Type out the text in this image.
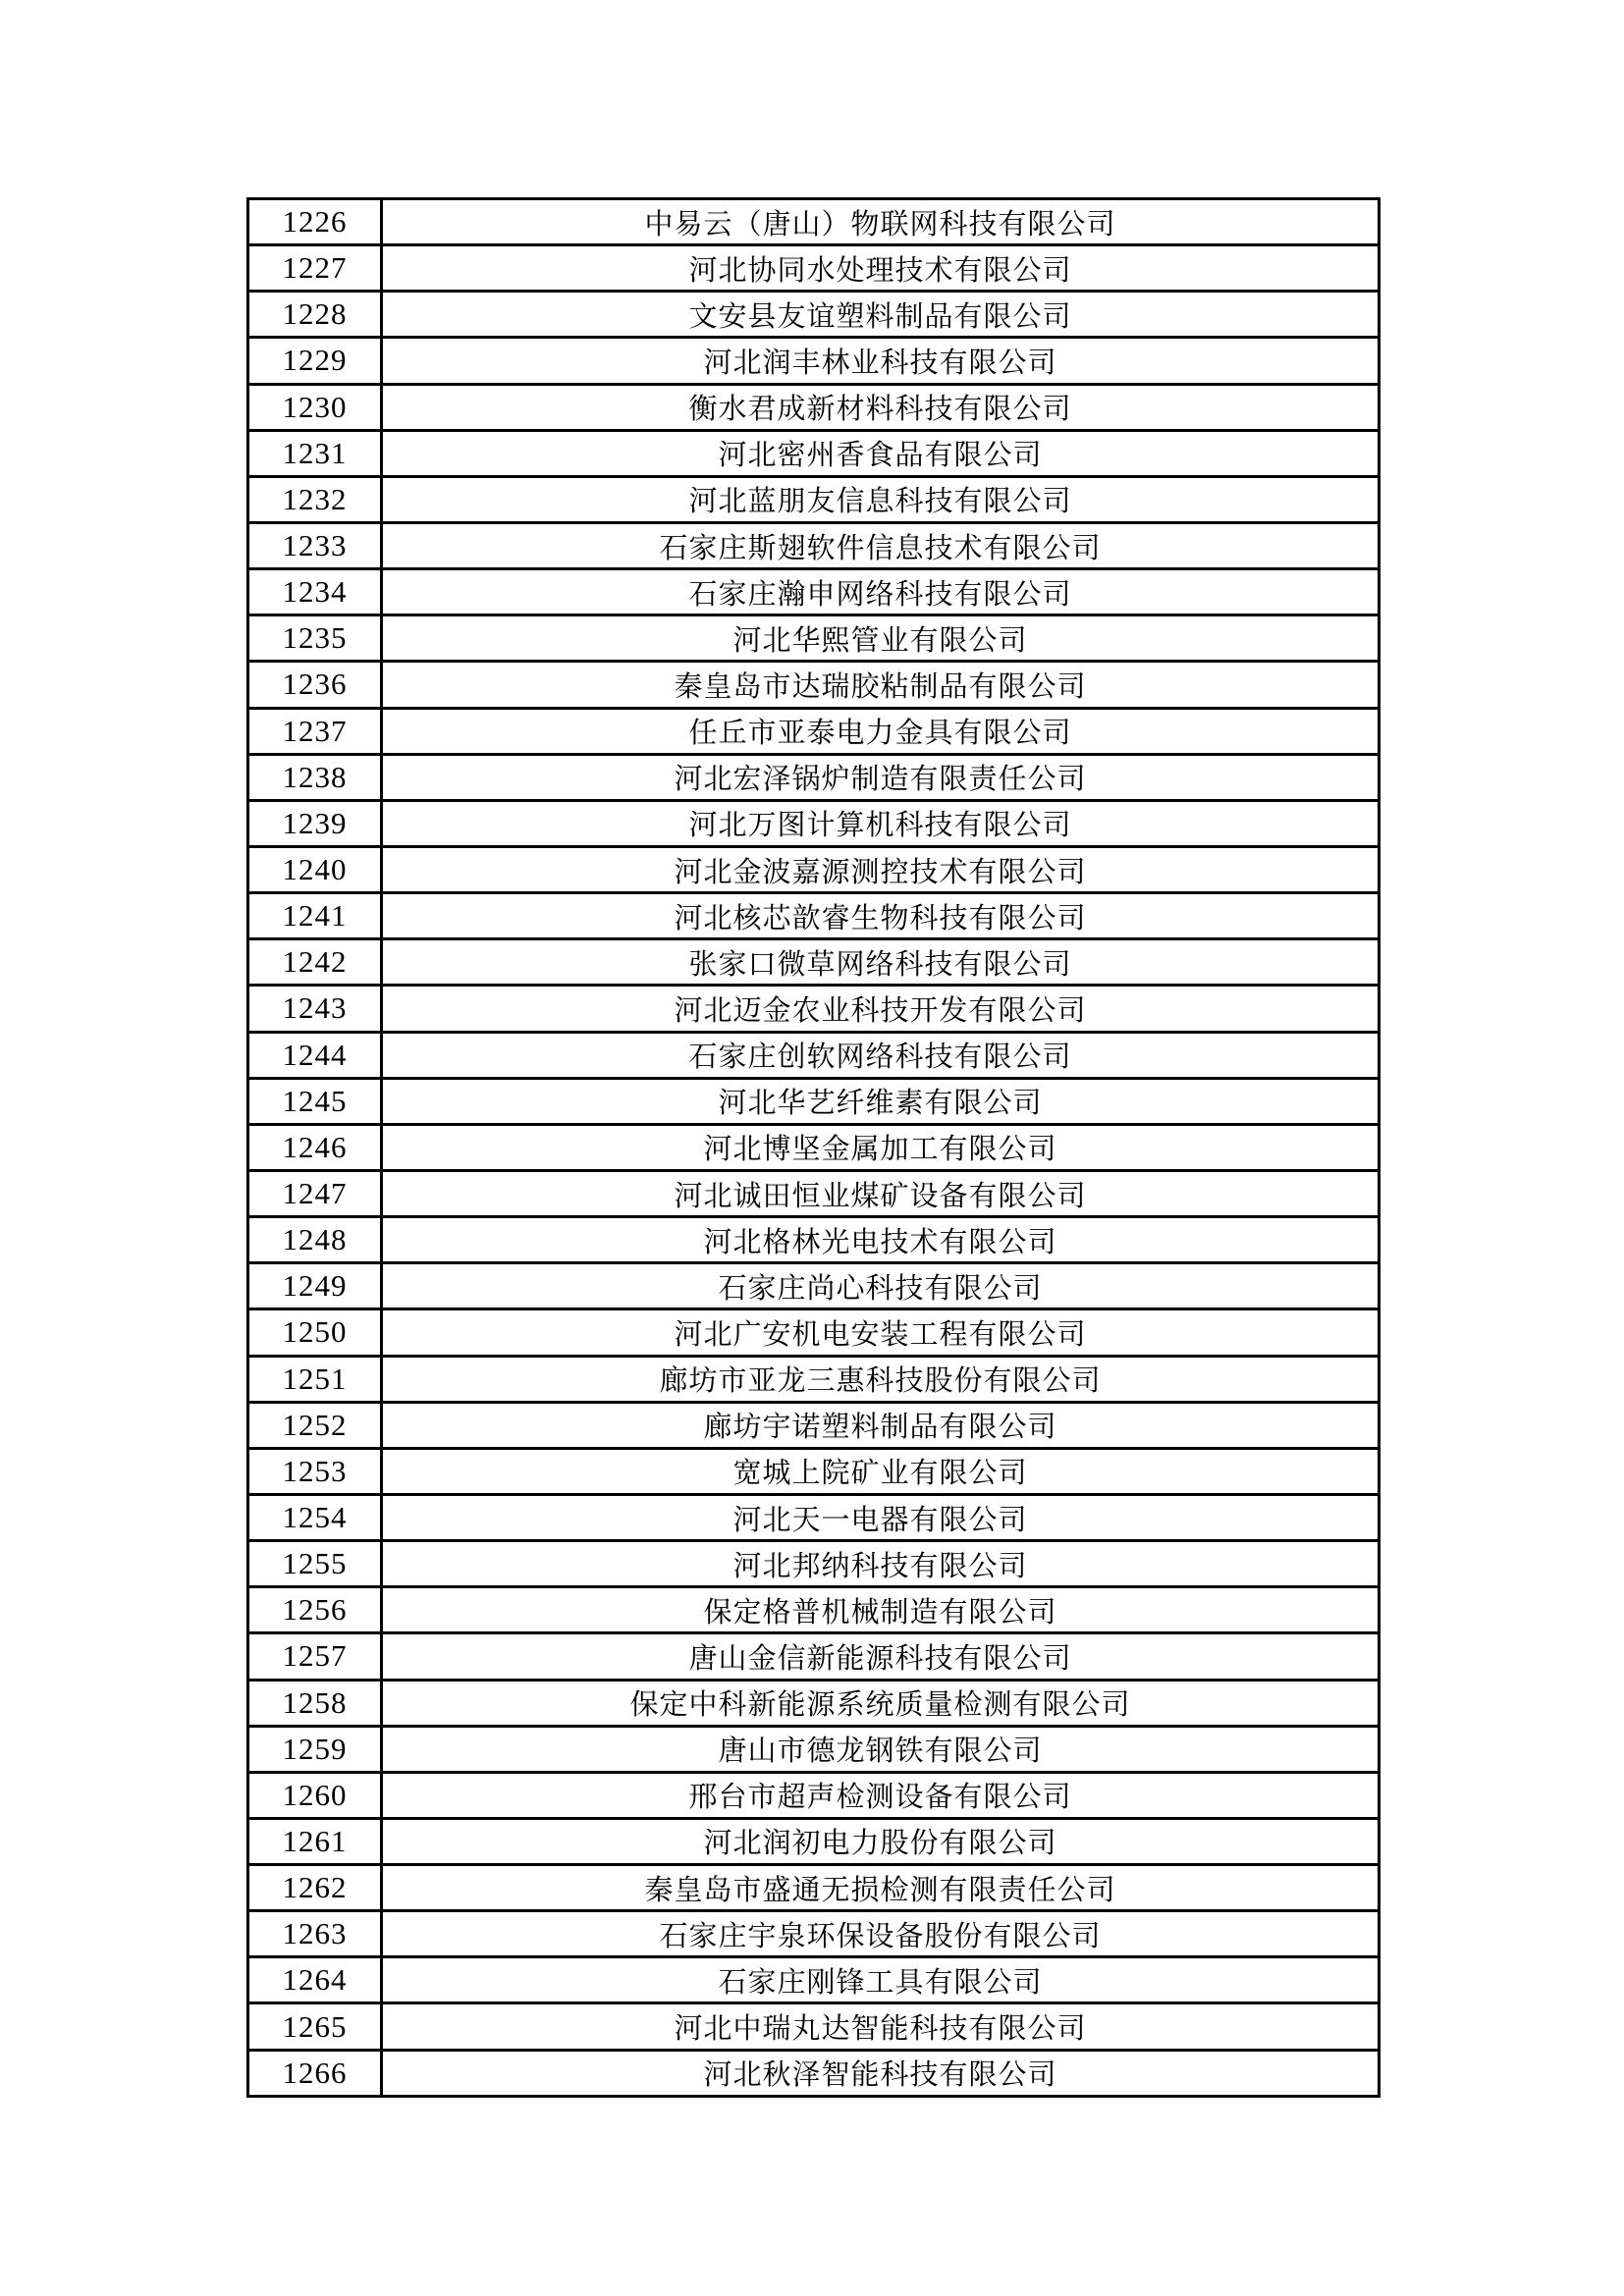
1226	中易云（唐山）物联网科技有限公司
1227	河北协同水处理技术有限公司
1228	文安县友谊塑料制品有限公司
1229	河北润丰林业科技有限公司
1230	衡水君成新材料科技有限公司
1231	河北密州香食品有限公司
1232	河北蓝朋友信息科技有限公司
1233	石家庄斯翅软件信息技术有限公司
1234	石家庄瀚申网络科技有限公司
1235	河北华熙管业有限公司
1236	秦皇岛市达瑞胶粘制品有限公司
1237	任丘市亚泰电力金具有限公司
1238	河北宏泽锅炉制造有限责任公司
1239	河北万图计算机科技有限公司
1240	河北金波嘉源测控技术有限公司
1241	河北核芯歆睿生物科技有限公司
1242	张家口微草网络科技有限公司
1243	河北迈金农业科技开发有限公司
1244	石家庄创软网络科技有限公司
1245	河北华艺纤维素有限公司
1246	河北博坚金属加工有限公司
1247	河北诚田恒业煤矿设备有限公司
1248	河北格林光电技术有限公司
1249	石家庄尚心科技有限公司
1250	河北广安机电安装工程有限公司
1251	廊坊市亚龙三惠科技股份有限公司
1252	廊坊宇诺塑料制品有限公司
1253	宽城上院矿业有限公司
1254	河北天一电器有限公司
1255	河北邦纳科技有限公司
1256	保定格普机械制造有限公司
1257	唐山金信新能源科技有限公司
1258	保定中科新能源系统质量检测有限公司
1259	唐山市德龙钢铁有限公司
1260	邢台市超声检测设备有限公司
1261	河北润初电力股份有限公司
1262	秦皇岛市盛通无损检测有限责任公司
1263	石家庄宇泉环保设备股份有限公司
1264	石家庄刚锋工具有限公司
1265	河北中瑞丸达智能科技有限公司
1266	河北秋泽智能科技有限公司
